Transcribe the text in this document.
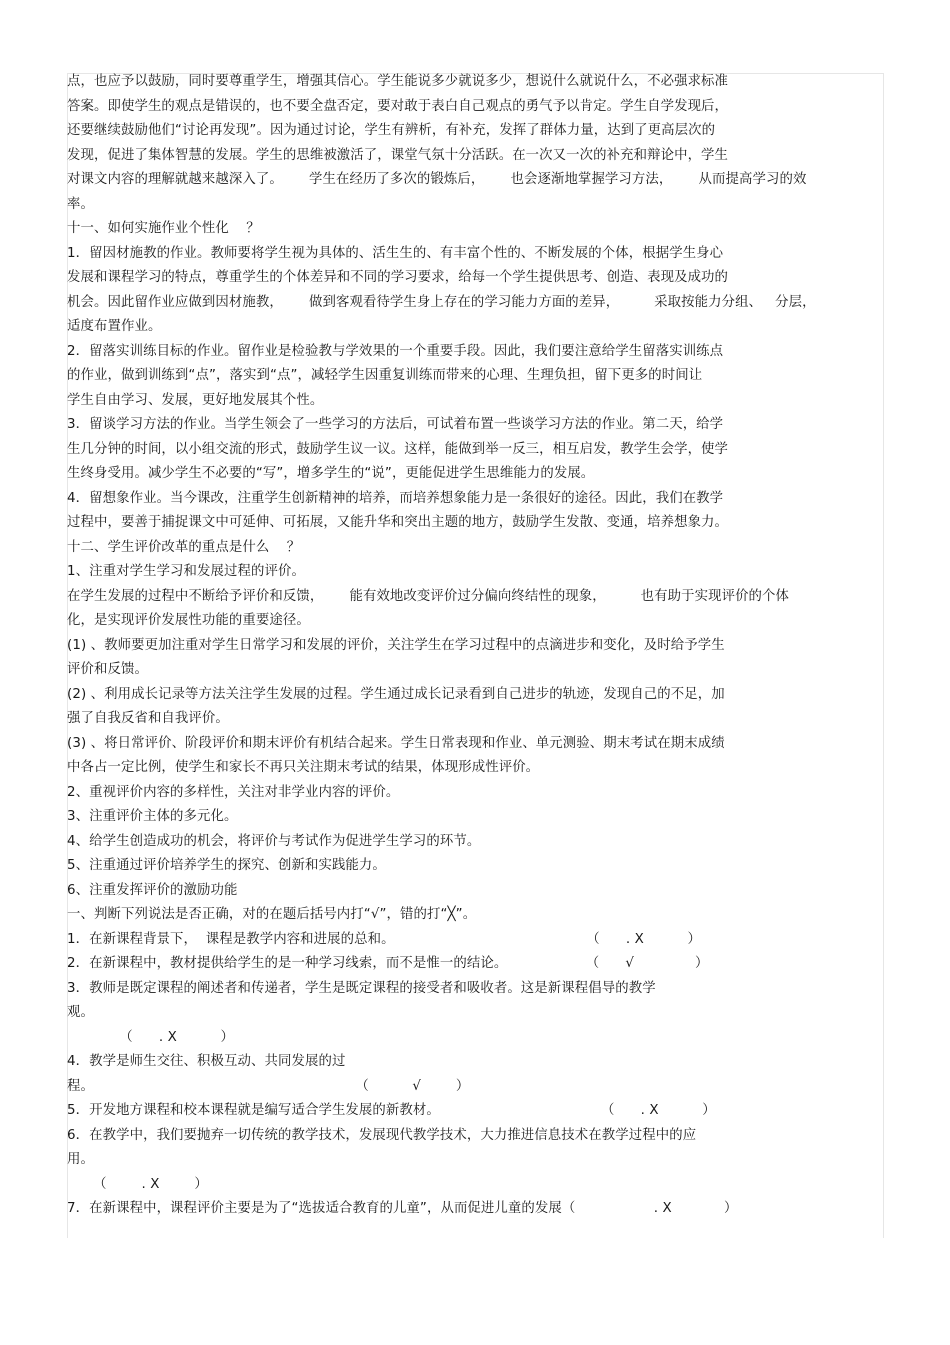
点，也应予以鼓励，同时要尊重学生，增强其信心。学生能说多少就说多少，想说什么就说什么，不必强求标准
答案。即使学生的观点是错误的，也不要全盘否定，要对敢于表白自己观点的勇气予以肯定。学生自学发现后，
还要继续鼓励他们“讨论再发现”。因为通过讨论，学生有辨析，有补充，发挥了群体力量，达到了更高层次的
发现，促进了集体智慧的发展。学生的思维被激活了，课堂气氛十分活跃。在一次又一次的补充和辩论中，学生
对课文内容的理解就越来越深入了。      学生在经历了多次的锻炼后，      也会逐渐地掌握学习方法，      从而提高学习的效
率。
十一、如何实施作业个性化    ？
1．留因材施教的作业。教师要将学生视为具体的、活生生的、有丰富个性的、不断发展的个体，根据学生身心
发展和课程学习的特点，尊重学生的个体差异和不同的学习要求，给每一个学生提供思考、创造、表现及成功的
机会。因此留作业应做到因材施教，      做到客观看待学生身上存在的学习能力方面的差异，        采取按能力分组、   分层，
适度布置作业。
2．留落实训练目标的作业。留作业是检验教与学效果的一个重要手段。因此，我们要注意给学生留落实训练点
的作业，做到训练到“点”，落实到“点”，减轻学生因重复训练而带来的心理、生理负担，留下更多的时间让
学生自由学习、发展，更好地发展其个性。
3．留谈学习方法的作业。当学生领会了一些学习的方法后，可试着布置一些谈学习方法的作业。第二天，给学
生几分钟的时间，以小组交流的形式，鼓励学生议一议。这样，能做到举一反三，相互启发，教学生会学，使学
生终身受用。减少学生不必要的“写”，增多学生的“说”，更能促进学生思维能力的发展。
4．留想象作业。当今课改，注重学生创新精神的培养，而培养想象能力是一条很好的途径。因此，我们在教学
过程中，要善于捕捉课文中可延伸、可拓展，又能升华和突出主题的地方，鼓励学生发散、变通，培养想象力。
十二、学生评价改革的重点是什么    ？
1、注重对学生学习和发展过程的评价。
在学生发展的过程中不断给予评价和反馈，      能有效地改变评价过分偏向终结性的现象，        也有助于实现评价的个体
化，是实现评价发展性功能的重要途径。
(1) 、教师要更加注重对学生日常学习和发展的评价，关注学生在学习过程中的点滴进步和变化，及时给予学生
评价和反馈。
(2) 、利用成长记录等方法关注学生发展的过程。学生通过成长记录看到自己进步的轨迹，发现自己的不足，加
强了自我反省和自我评价。
(3) 、将日常评价、阶段评价和期末评价有机结合起来。学生日常表现和作业、单元测验、期末考试在期末成绩
中各占一定比例，使学生和家长不再只关注期末考试的结果，体现形成性评价。
2、重视评价内容的多样性，关注对非学业内容的评价。
3、注重评价主体的多元化。
4、给学生创造成功的机会，将评价与考试作为促进学生学习的环节。
5、注重通过评价培养学生的探究、创新和实践能力。
6、注重发挥评价的激励功能
一、判断下列说法是否正确，对的在题后括号内打“√”，错的打“╳”。
1．在新课程背景下，  课程是教学内容和进展的总和。                                            （      . X          ）
2．在新课程中，教材提供给学生的是一种学习线索，而不是惟一的结论。                  （      √              ）
3．教师是既定课程的阐述者和传递者，学生是既定课程的接受者和吸收者。这是新课程倡导的教学
观。
（      . X          ）
4．教学是师生交往、积极互动、共同发展的过
程。                                                            （          √        ）
5．开发地方课程和校本课程就是编写适合学生发展的新教材。                                     （      . X          ）
6．在教学中，我们要抛弃一切传统的教学技术，发展现代教学技术，大力推进信息技术在教学过程中的应
用。
（        . X        ）
7．在新课程中，课程评价主要是为了“选拔适合教育的儿童”，从而促进儿童的发展（                  . X            ）
